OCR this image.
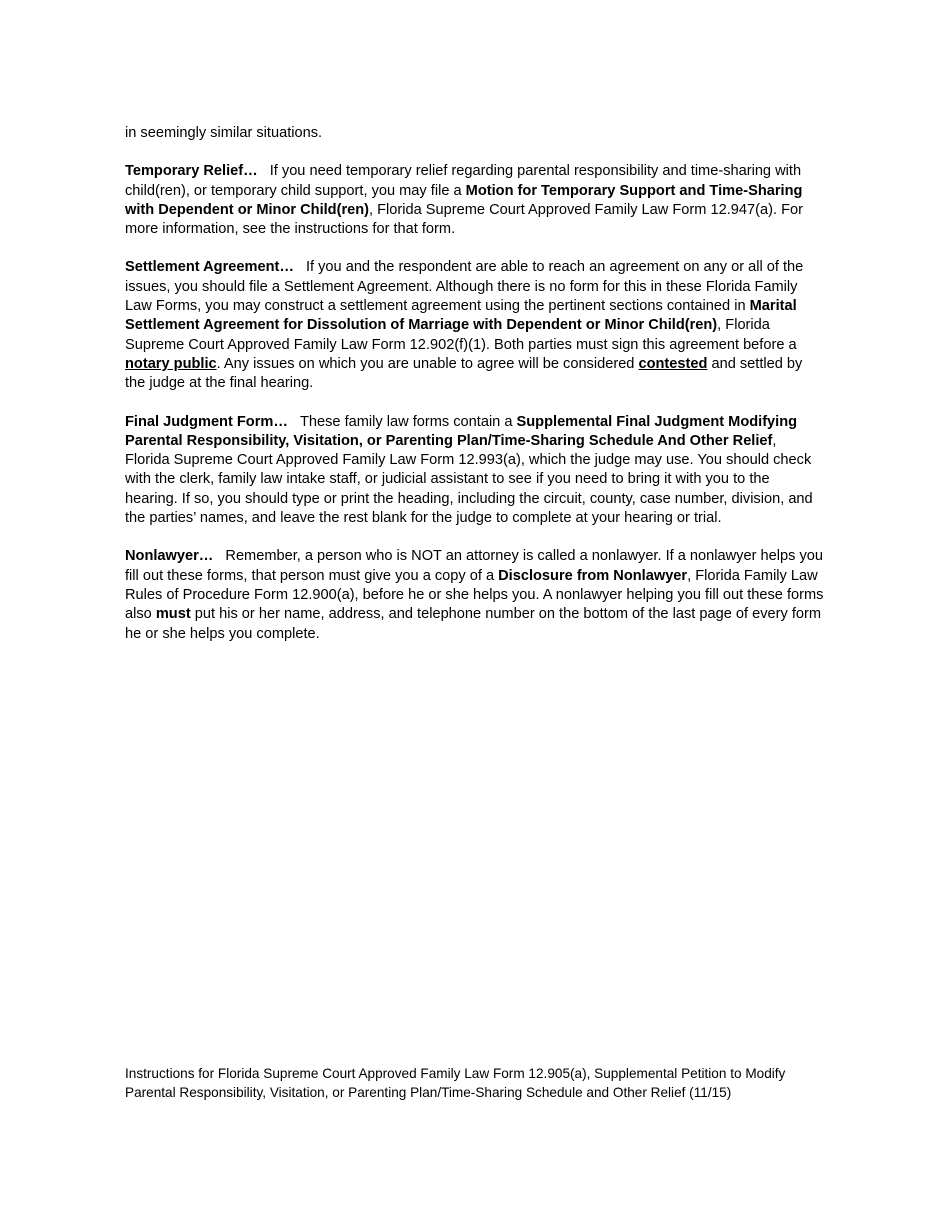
in seemingly similar situations.

Temporary Relief… If you need temporary relief regarding parental responsibility and time-sharing with child(ren), or temporary child support, you may file a Motion for Temporary Support and Time-Sharing with Dependent or Minor Child(ren), Florida Supreme Court Approved Family Law Form 12.947(a). For more information, see the instructions for that form.

Settlement Agreement… If you and the respondent are able to reach an agreement on any or all of the issues, you should file a Settlement Agreement. Although there is no form for this in these Florida Family Law Forms, you may construct a settlement agreement using the pertinent sections contained in Marital Settlement Agreement for Dissolution of Marriage with Dependent or Minor Child(ren), Florida Supreme Court Approved Family Law Form 12.902(f)(1). Both parties must sign this agreement before a notary public. Any issues on which you are unable to agree will be considered contested and settled by the judge at the final hearing.

Final Judgment Form… These family law forms contain a Supplemental Final Judgment Modifying Parental Responsibility, Visitation, or Parenting Plan/Time-Sharing Schedule And Other Relief, Florida Supreme Court Approved Family Law Form 12.993(a), which the judge may use. You should check with the clerk, family law intake staff, or judicial assistant to see if you need to bring it with you to the hearing. If so, you should type or print the heading, including the circuit, county, case number, division, and the parties’ names, and leave the rest blank for the judge to complete at your hearing or trial.

Nonlawyer… Remember, a person who is NOT an attorney is called a nonlawyer. If a nonlawyer helps you fill out these forms, that person must give you a copy of a Disclosure from Nonlawyer, Florida Family Law Rules of Procedure Form 12.900(a), before he or she helps you. A nonlawyer helping you fill out these forms also must put his or her name, address, and telephone number on the bottom of the last page of every form he or she helps you complete.

Instructions for Florida Supreme Court Approved Family Law Form 12.905(a), Supplemental Petition to Modify
Parental Responsibility, Visitation, or Parenting Plan/Time-Sharing Schedule and Other Relief (11/15)
